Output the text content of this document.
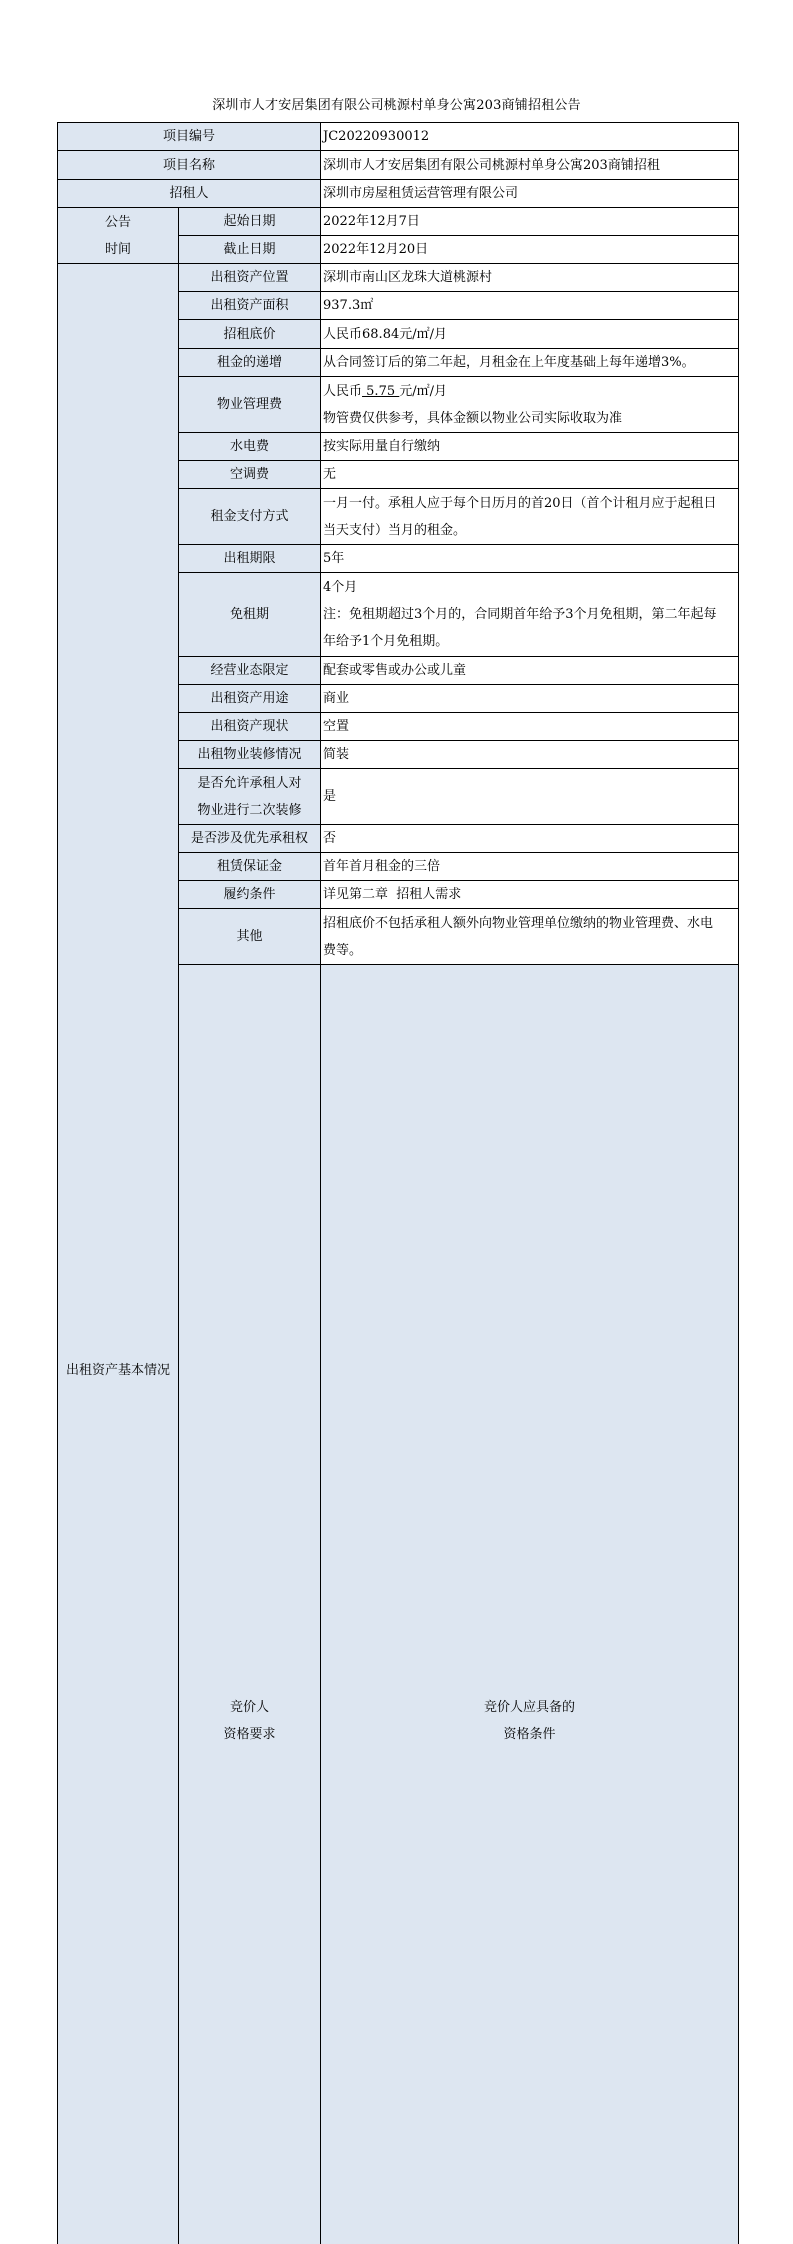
深圳市人才安居集团有限公司桃源村单身公寓203商铺招租公告
项目编号		JC20220930012	
项目名称		深圳市人才安居集团有限公司桃源村单身公寓203商铺招租	
招租人		深圳市房屋租赁运营管理有限公司	

公告
时间	起始日期	2022年12月7日	
	截止日期	2022年12月20日	
出租资产基本情况	出租资产位置	深圳市南山区龙珠大道桃源村	
	出租资产面积	937.3㎡	
	招租底价	人民币68.84元/㎡/月	
	租金的递增	从合同签订后的第二年起，月租金在上年度基础上每年递增3%。	
	物业管理费	人民币 5.75 元/㎡/月
物管费仅供参考，具体金额以物业公司实际收取为准	

	水电费	按实际用量自行缴纳	
	空调费	无	
	租金支付方式	一月一付。承租人应于每个日历月的首20日（首个计租月应于起租日
当天支付）当月的租金。	

	出租期限	5年	
	免租期	4个月
注：免租期超过3个月的，合同期首年给予3个月免租期，第二年起每
年给予1个月免租期。	

	经营业态限定	配套或零售或办公或儿童	
	出租资产用途	商业	
	出租资产现状	空置	
	出租物业装修情况	简装	

	是否允许承租人对
物业进行二次装修	是	
	是否涉及优先承租权	否	
	租赁保证金	首年首月租金的三倍	
	履约条件	详见第二章  招租人需求	
	其他	招租底价不包括承租人额外向物业管理单位缴纳的物业管理费、水电
费等。	

	竞价人
资格要求	竞价人应具备的
资格条件
